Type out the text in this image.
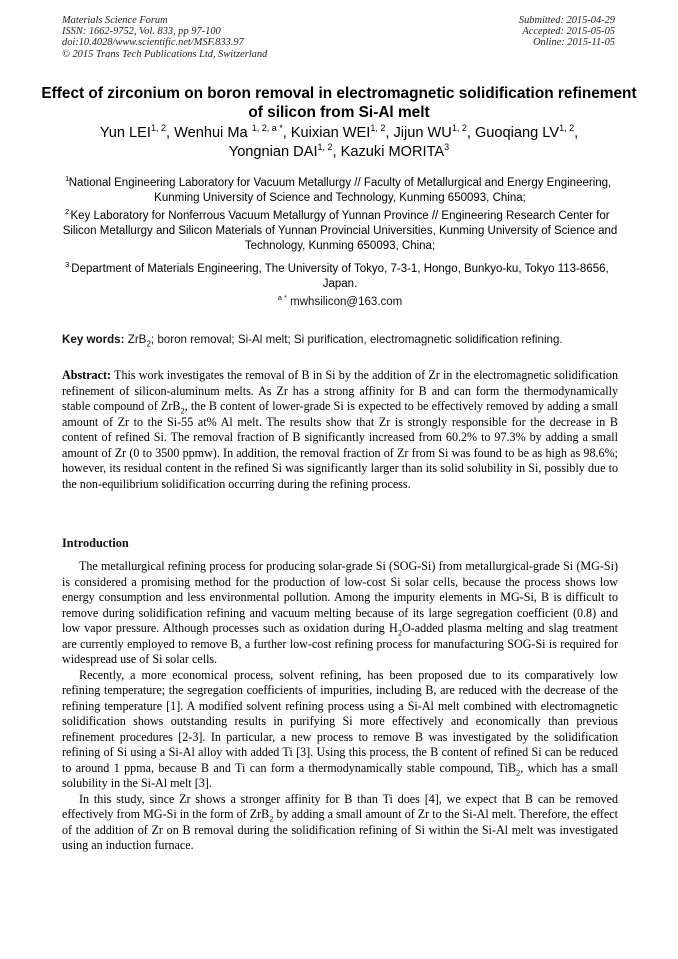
Materials Science Forum
ISSN: 1662-9752, Vol. 833, pp 97-100
doi:10.4028/www.scientific.net/MSF.833.97
© 2015 Trans Tech Publications Ltd, Switzerland
Submitted: 2015-04-29
Accepted: 2015-05-05
Online: 2015-11-05
Effect of zirconium on boron removal in electromagnetic solidification refinement of silicon from Si-Al melt
Yun LEI$^{1, 2}$, Wenhui Ma $^{1, 2, a *}$, Kuixian WEI$^{1, 2}$, Jijun WU$^{1, 2}$, Guoqiang LV$^{1, 2}$,
Yongnian DAI$^{1, 2}$, Kazuki MORITA$^3$
1.
National Engineering Laboratory for Vacuum Metallurgy // Faculty of Metallurgical and Energy Engineering, Kunming University of Science and Technology, Kunming 650093, China;
2. Key Laboratory for Nonferrous Vacuum Metallurgy of Yunnan Province // Engineering Research Center for Silicon Metallurgy and Silicon Materials of Yunnan Provincial Universities, Kunming University of Science and Technology, Kunming 650093, China;
3. Department of Materials Engineering, The University of Tokyo, 7-3-1, Hongo, Bunkyo-ku, Tokyo 113-8656, Japan.
$^{a *}$ mwhsilicon@163.com
Key words: ZrB$_2$; boron removal; Si-Al melt; Si purification, electromagnetic solidification refining.
Abstract: This work investigates the removal of B in Si by the addition of Zr in the electromagnetic solidification refinement of silicon-aluminum melts. As Zr has a strong affinity for B and can form the thermodynamically stable compound of ZrB$_2$, the B content of lower-grade Si is expected to be effectively removed by adding a small amount of Zr to the Si-55 at% Al melt. The results show that Zr is strongly responsible for the decrease in B content of refined Si. The removal fraction of B significantly increased from 60.2% to 97.3% by adding a small amount of Zr (0 to 3500 ppmw). In addition, the removal fraction of Zr from Si was found to be as high as 98.6%; however, its residual content in the refined Si was significantly larger than its solid solubility in Si, possibly due to the non-equilibrium solidification occurring during the refining process.
Introduction

The metallurgical refining process for producing solar-grade Si (SOG-Si) from metallurgical-grade Si (MG-Si) is considered a promising method for the production of low-cost Si solar cells, because the process shows low energy consumption and less environmental pollution. Among the impurity elements in MG-Si, B is difficult to remove during solidification refining and vacuum melting because of its large segregation coefficient (0.8) and low vapor pressure. Although processes such as oxidation during $H_2O$-added plasma melting and slag treatment are currently employed to remove B, a further low-cost refining process for manufacturing SOG-Si is required for widespread use of Si solar cells.

Recently, a more economical process, solvent refining, has been proposed due to its comparatively low refining temperature; the segregation coefficients of impurities, including B, are reduced with the decrease of the refining temperature [1]. A modified solvent refining process using a Si-Al melt combined with electromagnetic solidification shows outstanding results in purifying Si more effectively and economically than previous refinement procedures [2-3]. In particular, a new process to remove B was investigated by the solidification refining of Si using a Si-Al alloy with added Ti [3]. Using this process, the B content of refined Si can be reduced to around 1 ppma, because B and Ti can form a thermodynamically stable compound, TiB$_2$, which has a small solubility in the Si-Al melt [3].

In this study, since Zr shows a stronger affinity for B than Ti does [4], we expect that B can be removed effectively from MG-Si in the form of ZrB$_2$ by adding a small amount of Zr to the Si-Al melt. Therefore, the effect of the addition of Zr on B removal during the solidification refining of Si within the Si-Al melt was investigated using an induction furnace.
